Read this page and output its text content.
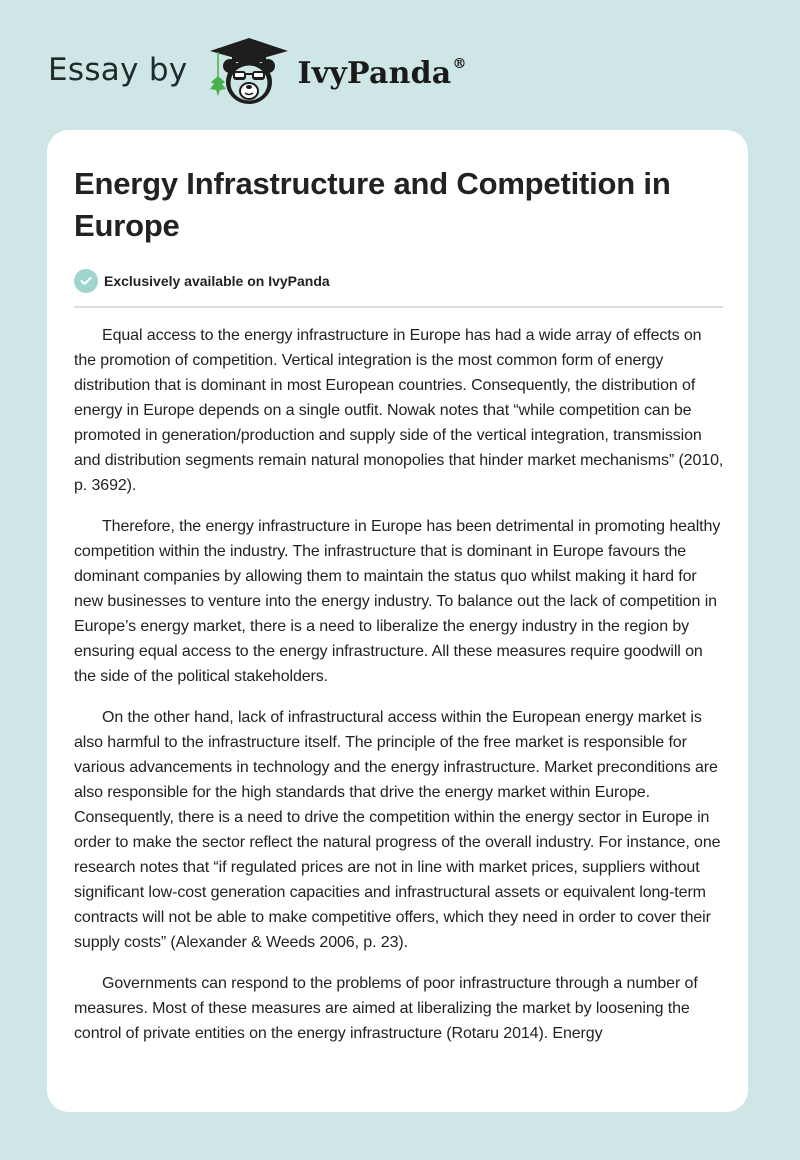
Essay by	IvyPanda®
Energy Infrastructure and Competition in Europe
Exclusively available on IvyPanda

Equal access to the energy infrastructure in Europe has had a wide array of effects on the promotion of competition. Vertical integration is the most common form of energy distribution that is dominant in most European countries. Consequently, the distribution of energy in Europe depends on a single outfit. Nowak notes that “while competition can be promoted in generation/production and supply side of the vertical integration, transmission and distribution segments remain natural monopolies that hinder market mechanisms” (2010, p. 3692).

Therefore, the energy infrastructure in Europe has been detrimental in promoting healthy competition within the industry. The infrastructure that is dominant in Europe favours the dominant companies by allowing them to maintain the status quo whilst making it hard for new businesses to venture into the energy industry. To balance out the lack of competition in Europe’s energy market, there is a need to liberalize the energy industry in the region by ensuring equal access to the energy infrastructure. All these measures require goodwill on the side of the political stakeholders.

On the other hand, lack of infrastructural access within the European energy market is also harmful to the infrastructure itself. The principle of the free market is responsible for various advancements in technology and the energy infrastructure. Market preconditions are also responsible for the high standards that drive the energy market within Europe. Consequently, there is a need to drive the competition within the energy sector in Europe in order to make the sector reflect the natural progress of the overall industry. For instance, one research notes that “if regulated prices are not in line with market prices, suppliers without significant low-cost generation capacities and infrastructural assets or equivalent long-term contracts will not be able to make competitive offers, which they need in order to cover their supply costs” (Alexander & Weeds 2006, p. 23).

Governments can respond to the problems of poor infrastructure through a number of measures. Most of these measures are aimed at liberalizing the market by loosening the control of private entities on the energy infrastructure (Rotaru 2014). Energy
